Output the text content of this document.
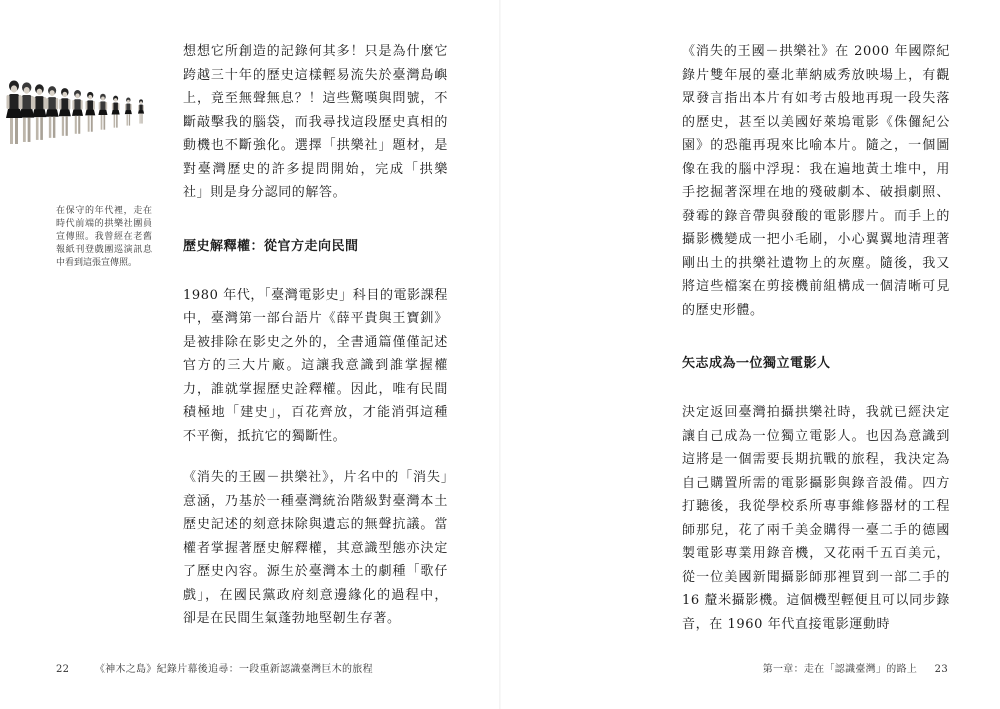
在保守的年代裡，走在時代前端的拱樂社團員宣傳照。我曾經在老舊報紙刊登戲團巡演訊息中看到這張宣傳照。

想想它所創造的記錄何其多！只是為什麼它跨越三十年的歷史這樣輕易流失於臺灣島嶼上，竟至無聲無息？！這些驚嘆與問號，不斷敲擊我的腦袋，而我尋找這段歷史真相的動機也不斷強化。選擇「拱樂社」題材，是對臺灣歷史的許多提問開始，完成「拱樂社」則是身分認同的解答。

歷史解釋權：從官方走向民間

1980 年代，「臺灣電影史」科目的電影課程中，臺灣第一部台語片《薛平貴與王寶釧》是被排除在影史之外的，全書通篇僅僅記述官方的三大片廠。這讓我意識到誰掌握權力，誰就掌握歷史詮釋權。因此，唯有民間積極地「建史」，百花齊放，才能消弭這種不平衡，抵抗它的獨斷性。

《消失的王國－拱樂社》，片名中的「消失」意涵，乃基於一種臺灣統治階級對臺灣本土歷史記述的刻意抹除與遺忘的無聲抗議。當權者掌握著歷史解釋權，其意識型態亦決定了歷史內容。源生於臺灣本土的劇種「歌仔戲」，在國民黨政府刻意邊緣化的過程中，卻是在民間生氣蓬勃地堅韌生存著。

22	《神木之島》紀錄片幕後追尋：一段重新認識臺灣巨木的旅程

《消失的王國－拱樂社》在 2000 年國際紀錄片雙年展的臺北華納威秀放映場上，有觀眾發言指出本片有如考古般地再現一段失落的歷史，甚至以美國好萊塢電影《侏儸紀公園》的恐龍再現來比喻本片。隨之，一個圖像在我的腦中浮現：我在遍地黃土堆中，用手挖掘著深埋在地的殘破劇本、破損劇照、發霉的錄音帶與發酸的電影膠片。而手上的攝影機變成一把小毛刷，小心翼翼地清理著剛出土的拱樂社遺物上的灰塵。隨後，我又將這些檔案在剪接機前組構成一個清晰可見的歷史形體。

矢志成為一位獨立電影人

決定返回臺灣拍攝拱樂社時，我就已經決定讓自己成為一位獨立電影人。也因為意識到這將是一個需要長期抗戰的旅程，我決定為自己購置所需的電影攝影與錄音設備。四方打聽後，我從學校系所專事維修器材的工程師那兒，花了兩千美金購得一臺二手的德國製電影專業用錄音機，又花兩千五百美元，從一位美國新聞攝影師那裡買到一部二手的 16 釐米攝影機。這個機型輕便且可以同步錄音，在 1960 年代直接電影運動時

第一章：走在「認識臺灣」的路上 23
